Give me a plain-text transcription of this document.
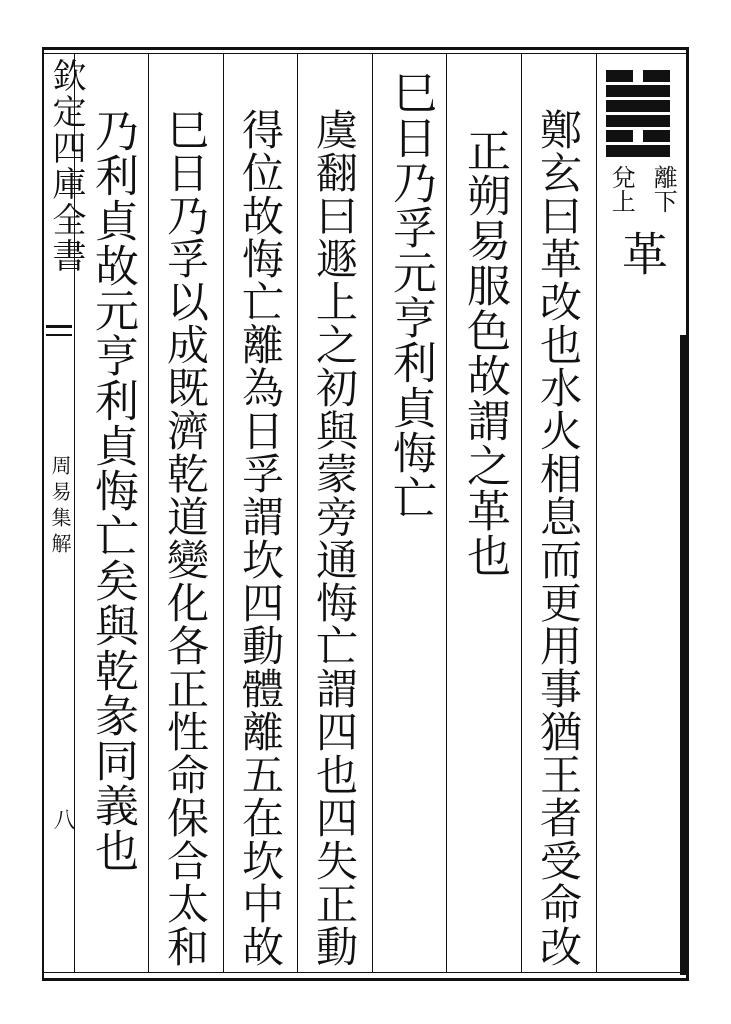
欽定四庫全書
周易集解
八
離下
兌上
革
鄭玄曰革改也水火相息而更用事猶王者受命改
正朔易服色故謂之革也
巳日乃孚元亨利貞悔亡
虞翻曰遯上之初與蒙旁通悔亡謂四也四失正動
得位故悔亡離為日孚謂坎四動體離五在坎中故
巳日乃孚以成既濟乾道變化各正性命保合太和
乃利貞故元亨利貞悔亡矣與乾彖同義也
